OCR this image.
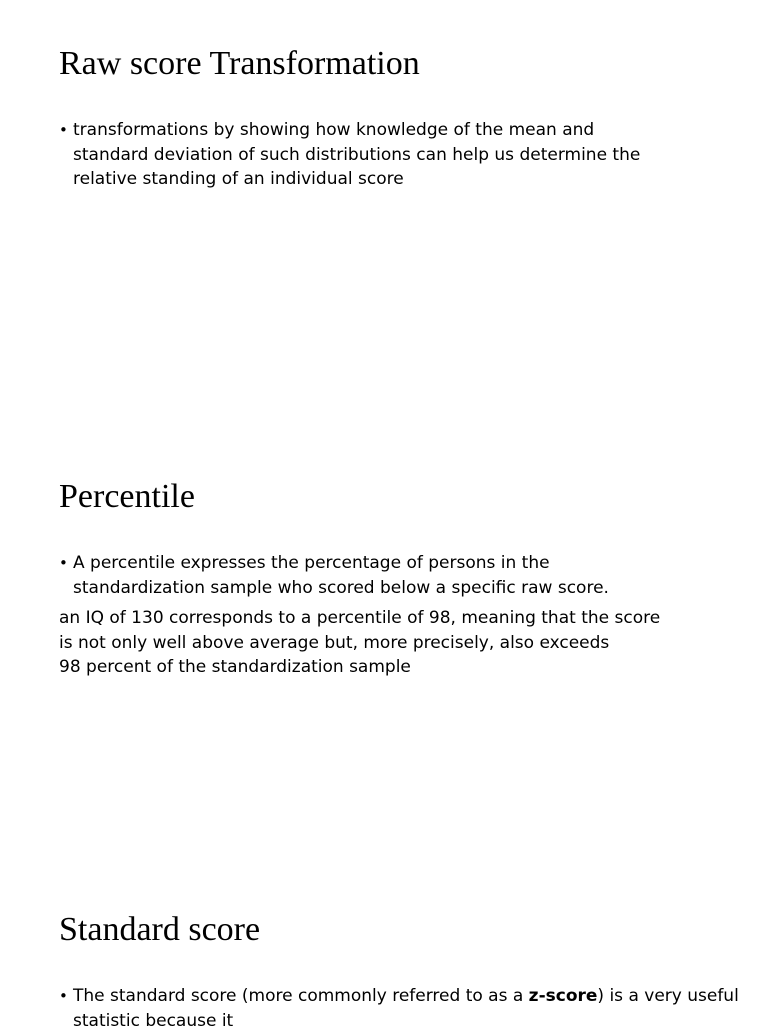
Raw score Transformation
• transformations by showing how knowledge of the mean and
standard deviation of such distributions can help us determine the
relative standing of an individual score
Percentile
• A percentile expresses the percentage of persons in the
standardization sample who scored below a specific raw score.

an IQ of 130 corresponds to a percentile of 98, meaning that the score
is not only well above average but, more precisely, also exceeds
98 percent of the standardization sample

Standard score
• The standard score (more commonly referred to as a z-score) is a very useful
statistic because it
